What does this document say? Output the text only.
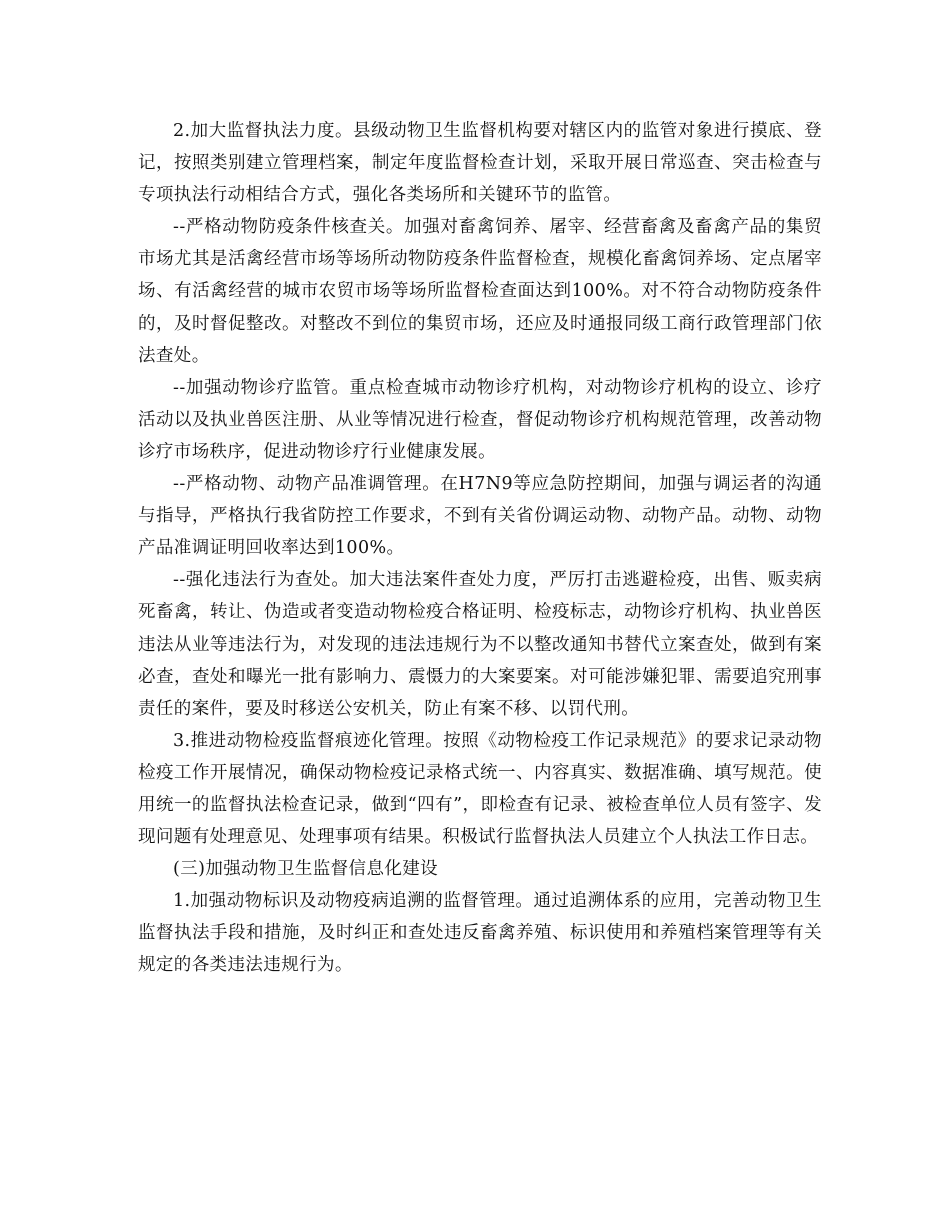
2.加大监督执法力度。县级动物卫生监督机构要对辖区内的监管对象进行摸底、登记，按照类别建立管理档案，制定年度监督检查计划，采取开展日常巡查、突击检查与专项执法行动相结合方式，强化各类场所和关键环节的监管。

--严格动物防疫条件核查关。加强对畜禽饲养、屠宰、经营畜禽及畜禽产品的集贸市场尤其是活禽经营市场等场所动物防疫条件监督检查，规模化畜禽饲养场、定点屠宰场、有活禽经营的城市农贸市场等场所监督检查面达到100%。对不符合动物防疫条件的，及时督促整改。对整改不到位的集贸市场，还应及时通报同级工商行政管理部门依法查处。

--加强动物诊疗监管。重点检查城市动物诊疗机构，对动物诊疗机构的设立、诊疗活动以及执业兽医注册、从业等情况进行检查，督促动物诊疗机构规范管理，改善动物诊疗市场秩序，促进动物诊疗行业健康发展。

--严格动物、动物产品准调管理。在H7N9等应急防控期间，加强与调运者的沟通与指导，严格执行我省防控工作要求，不到有关省份调运动物、动物产品。动物、动物产品准调证明回收率达到100%。

--强化违法行为查处。加大违法案件查处力度，严厉打击逃避检疫，出售、贩卖病死畜禽，转让、伪造或者变造动物检疫合格证明、检疫标志，动物诊疗机构、执业兽医违法从业等违法行为，对发现的违法违规行为不以整改通知书替代立案查处，做到有案必查，查处和曝光一批有影响力、震慑力的大案要案。对可能涉嫌犯罪、需要追究刑事责任的案件，要及时移送公安机关，防止有案不移、以罚代刑。

3.推进动物检疫监督痕迹化管理。按照《动物检疫工作记录规范》的要求记录动物检疫工作开展情况，确保动物检疫记录格式统一、内容真实、数据准确、填写规范。使用统一的监督执法检查记录，做到“四有”，即检查有记录、被检查单位人员有签字、发现问题有处理意见、处理事项有结果。积极试行监督执法人员建立个人执法工作日志。

(三)加强动物卫生监督信息化建设

1.加强动物标识及动物疫病追溯的监督管理。通过追溯体系的应用，完善动物卫生监督执法手段和措施，及时纠正和查处违反畜禽养殖、标识使用和养殖档案管理等有关规定的各类违法违规行为。
